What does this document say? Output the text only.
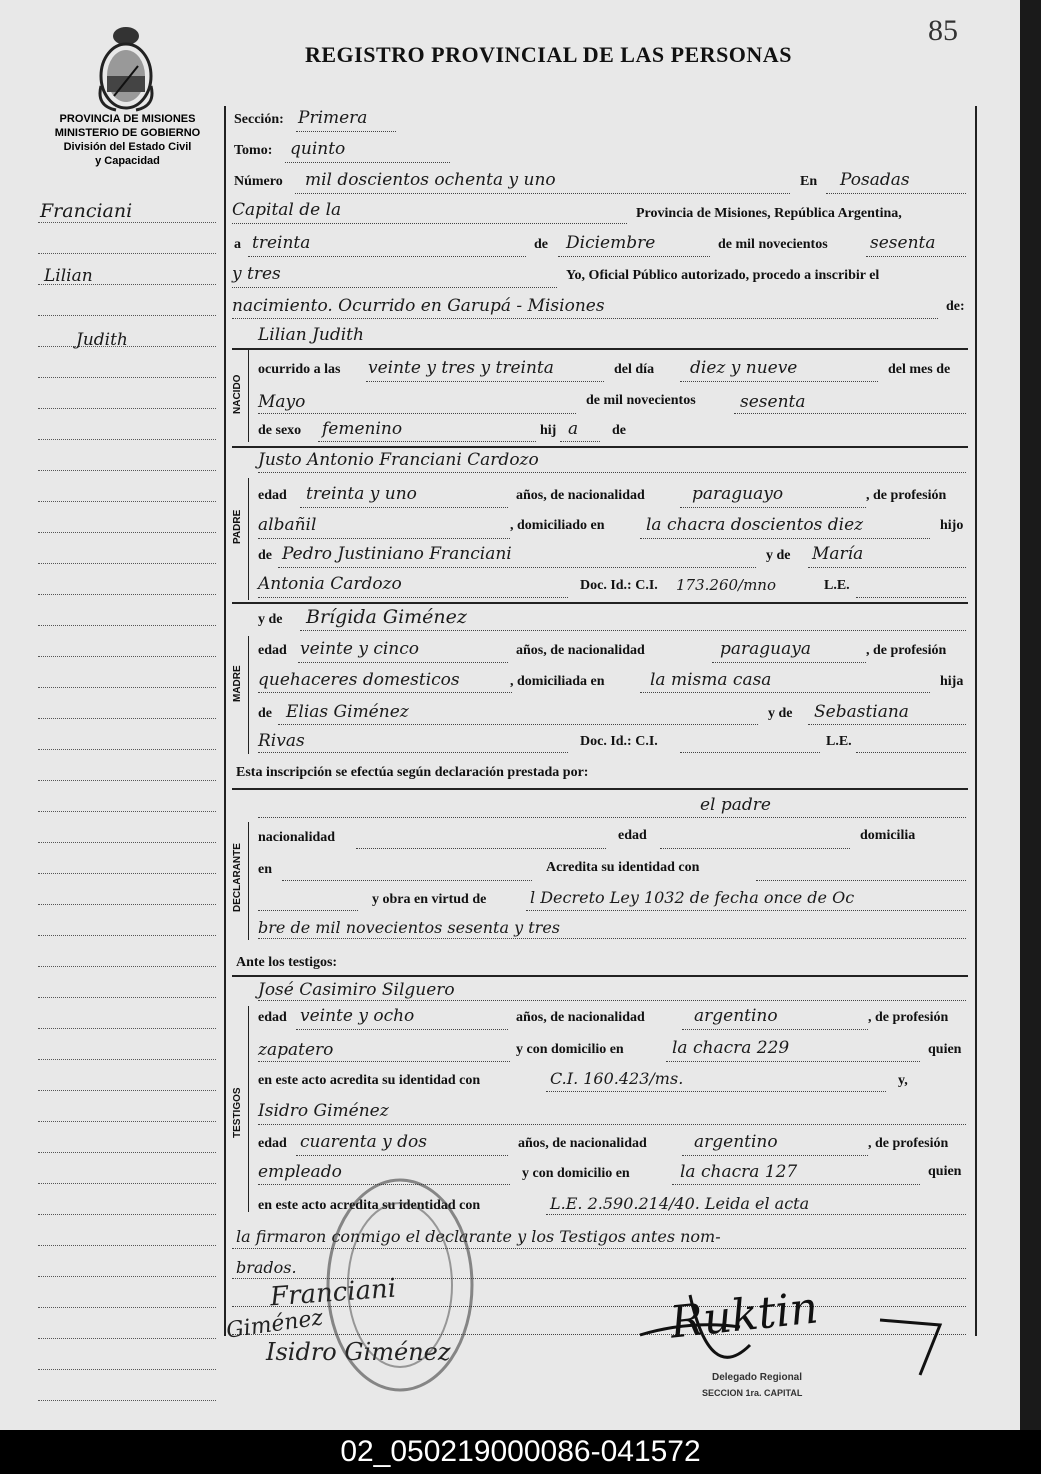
REGISTRO PROVINCIAL DE LAS PERSONAS
85
PROVINCIA DE MISIONES
MINISTERIO DE GOBIERNO
División del Estado Civil
y Capacidad
Franciani
Lilian
Judith
Sección: Primera
Tomo: quinto
Número mil doscientos ochenta y uno	En Posadas
Capital de la	Provincia de Misiones, República Argentina,
a treinta	de Diciembre	de mil novecientos sesenta
y tres	Yo, Oficial Público autorizado, procedo a inscribir el
nacimiento. Ocurrido en Garupá - Misiones	de:
Lilian Judith
NACIDO
ocurrido a las veinte y tres y treinta	del día diez y nueve	del mes de
Mayo	de mil novecientos	sesenta
de sexo femenino	hij a de
Justo Antonio Franciani Cardozo
PADRE
edad treinta y uno	años, de nacionalidad	paraguayo	, de profesión
albañil	, domiciliado en la chacra doscientos diez	hijo
de Pedro Justiniano Franciani	y de María
Antonia Cardozo	Doc. Id.: C.I. 173.260/mno	L.E.
y de Brígida Giménez
MADRE
edad veinte y cinco	años, de nacionalidad	paraguaya	, de profesión
quehaceres domesticos	, domiciliada en	la misma casa	hija
de Elias Giménez	y de Sebastiana
Rivas	Doc. Id.: C.I.	L.E.
Esta inscripción se efectúa según declaración prestada por:
el padre
DECLARANTE
nacionalidad	edad	domicilia
en	Acredita su identidad con
y obra en virtud de	l Decreto Ley 1032 de fecha once de Oc
bre de mil novecientos sesenta y tres
Ante los testigos:
José Casimiro Silguero
TESTIGOS
edad veinte y ocho	años, de nacionalidad	argentino	, de profesión
zapatero	y con domicilio en	la chacra 229	quien
en este acto acredita su identidad con	C.I. 160.423/ms.	y,
Isidro Giménez
edad cuarenta y dos	años, de nacionalidad	argentino	, de profesión
empleado	y con domicilio en	la chacra 127	quien
en este acto acredita su identidad con	L.E. 2.590.214/40. Leida el acta
la firmaron conmigo el declarante y los Testigos antes nom-
brados.
Franciani
Giménez
Isidro Giménez
Ruktin
Delegado Regional
SECCION 1ra. CAPITAL
02_050219000086-041572
